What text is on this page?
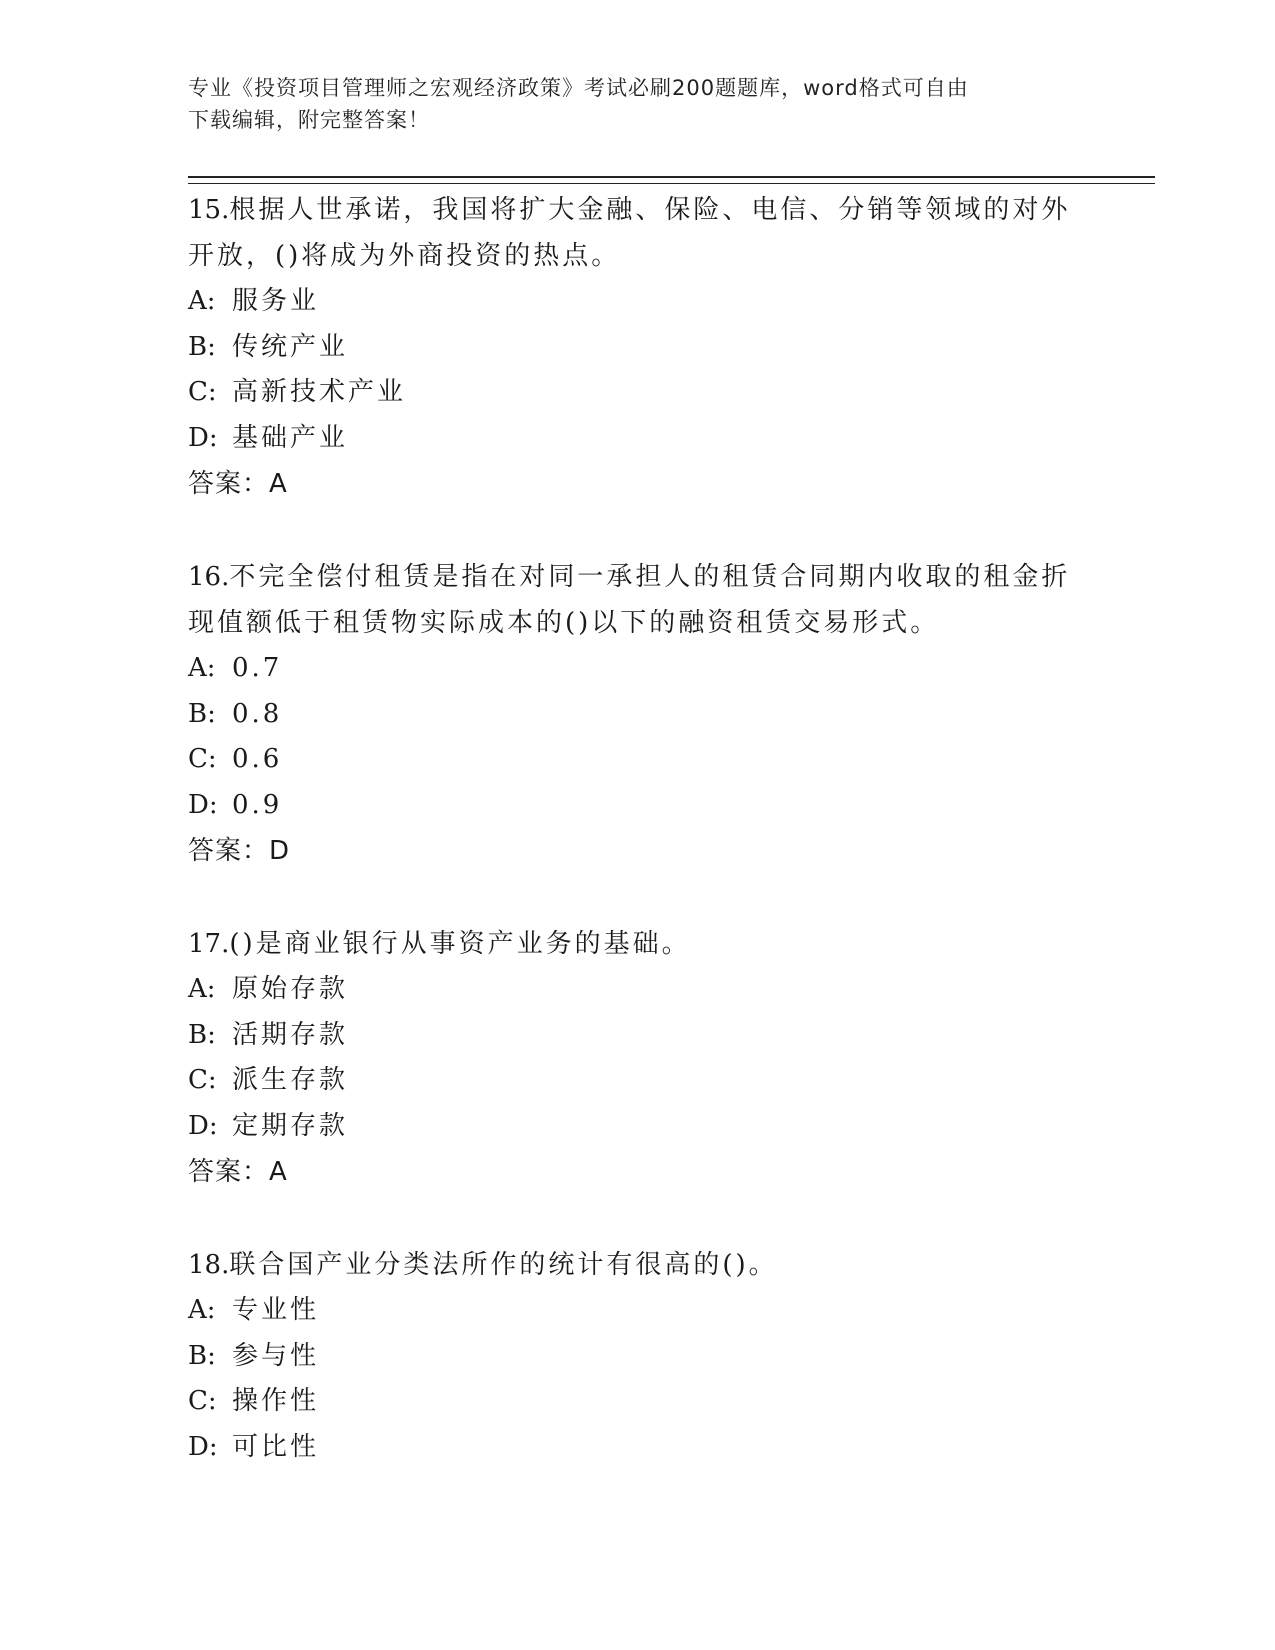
专业《投资项目管理师之宏观经济政策》考试必刷200题题库，word格式可自由
下载编辑，附完整答案！
15.根据人世承诺，我国将扩大金融、保险、电信、分销等领域的对外
开放，()将成为外商投资的热点。
A: 服务业
B: 传统产业
C: 高新技术产业
D: 基础产业
答案：A
16.不完全偿付租赁是指在对同一承担人的租赁合同期内收取的租金折
现值额低于租赁物实际成本的()以下的融资租赁交易形式。
A: 0.7
B: 0.8
C: 0.6
D: 0.9
答案：D
17.()是商业银行从事资产业务的基础。
A: 原始存款
B: 活期存款
C: 派生存款
D: 定期存款
答案：A
18.联合国产业分类法所作的统计有很高的()。
A: 专业性
B: 参与性
C: 操作性
D: 可比性
